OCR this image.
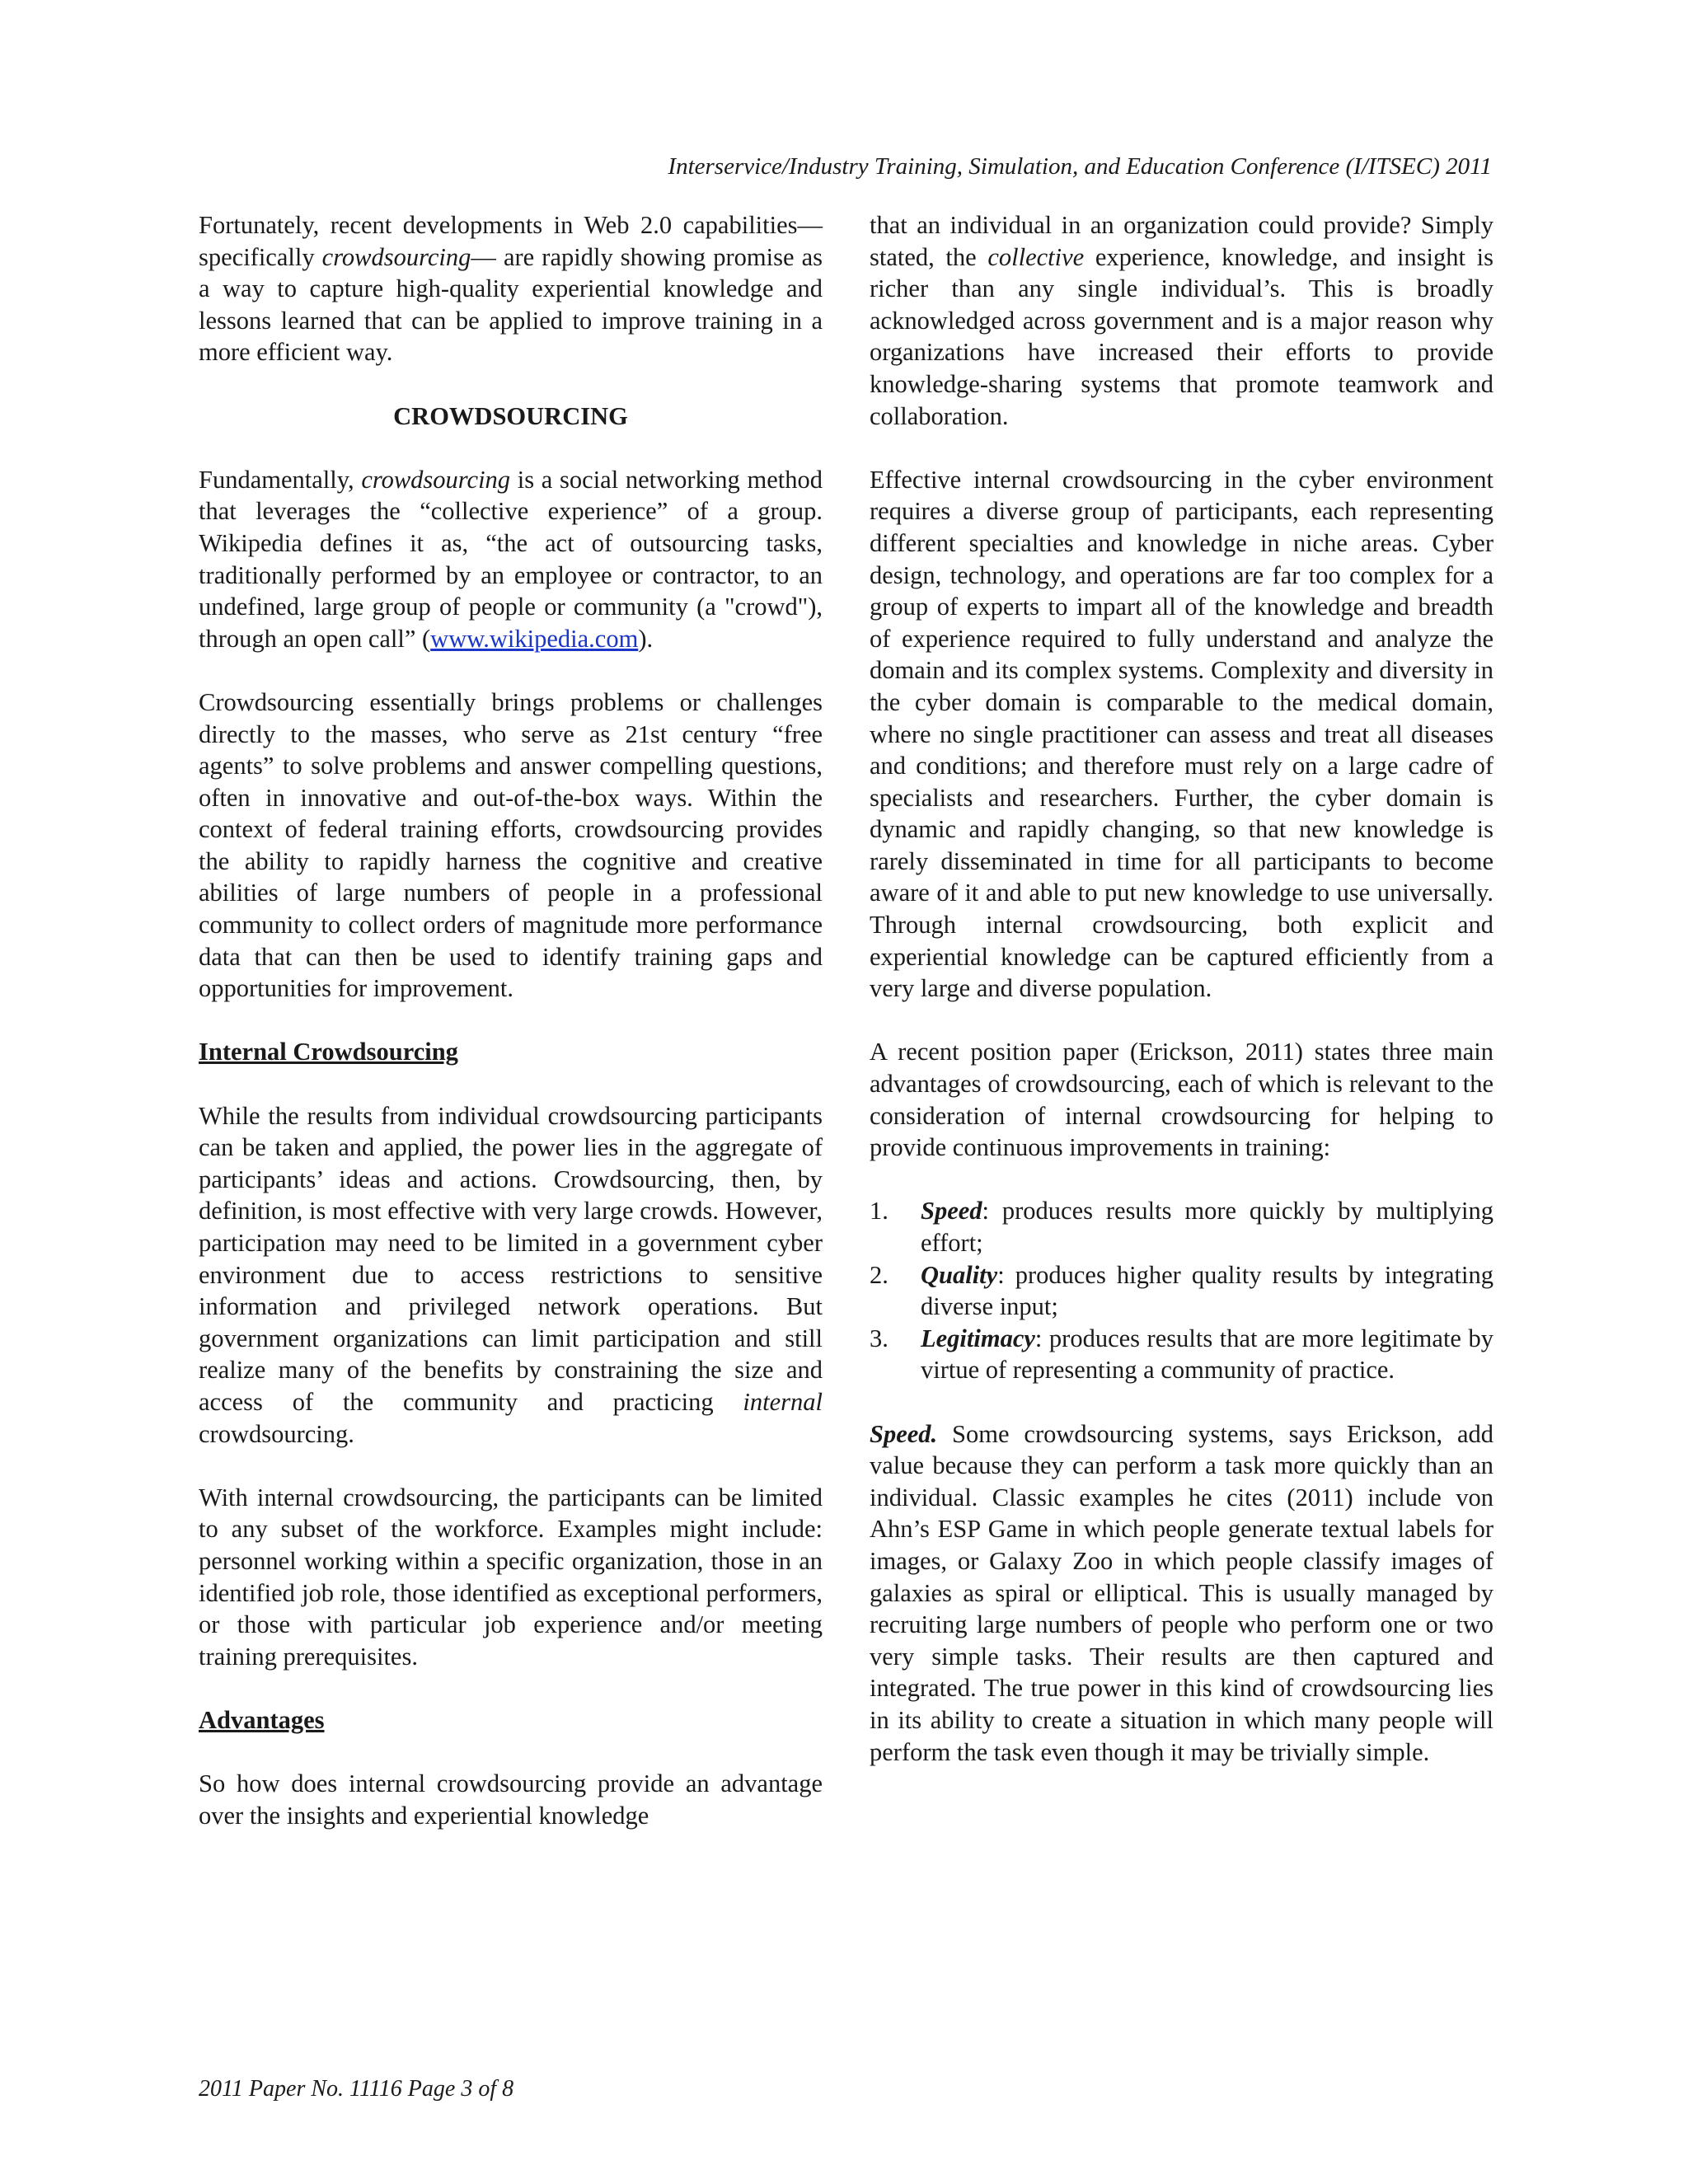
Interservice/Industry Training, Simulation, and Education Conference (I/ITSEC) 2011

Fortunately, recent developments in Web 2.0 capabilities—specifically crowdsourcing— are rapidly showing promise as a way to capture high-quality experiential knowledge and lessons learned that can be applied to improve training in a more efficient way.

CROWDSOURCING

Fundamentally, crowdsourcing is a social networking method that leverages the “collective experience” of a group. Wikipedia defines it as, “the act of outsourcing tasks, traditionally performed by an employee or contractor, to an undefined, large group of people or community (a "crowd"), through an open call” (www.wikipedia.com).

Crowdsourcing essentially brings problems or challenges directly to the masses, who serve as 21st century “free agents” to solve problems and answer compelling questions, often in innovative and out-of-the-box ways. Within the context of federal training efforts, crowdsourcing provides the ability to rapidly harness the cognitive and creative abilities of large numbers of people in a professional community to collect orders of magnitude more performance data that can then be used to identify training gaps and opportunities for improvement.

Internal Crowdsourcing

While the results from individual crowdsourcing participants can be taken and applied, the power lies in the aggregate of participants’ ideas and actions. Crowdsourcing, then, by definition, is most effective with very large crowds. However, participation may need to be limited in a government cyber environment due to access restrictions to sensitive information and privileged network operations. But government organizations can limit participation and still realize many of the benefits by constraining the size and access of the community and practicing internal crowdsourcing.

With internal crowdsourcing, the participants can be limited to any subset of the workforce. Examples might include: personnel working within a specific organization, those in an identified job role, those identified as exceptional performers, or those with particular job experience and/or meeting training prerequisites.

Advantages

So how does internal crowdsourcing provide an advantage over the insights and experiential knowledge

that an individual in an organization could provide? Simply stated, the collective experience, knowledge, and insight is richer than any single individual’s. This is broadly acknowledged across government and is a major reason why organizations have increased their efforts to provide knowledge-sharing systems that promote teamwork and collaboration.

Effective internal crowdsourcing in the cyber environment requires a diverse group of participants, each representing different specialties and knowledge in niche areas. Cyber design, technology, and operations are far too complex for a group of experts to impart all of the knowledge and breadth of experience required to fully understand and analyze the domain and its complex systems. Complexity and diversity in the cyber domain is comparable to the medical domain, where no single practitioner can assess and treat all diseases and conditions; and therefore must rely on a large cadre of specialists and researchers. Further, the cyber domain is dynamic and rapidly changing, so that new knowledge is rarely disseminated in time for all participants to become aware of it and able to put new knowledge to use universally. Through internal crowdsourcing, both explicit and experiential knowledge can be captured efficiently from a very large and diverse population.

A recent position paper (Erickson, 2011) states three main advantages of crowdsourcing, each of which is relevant to the consideration of internal crowdsourcing for helping to provide continuous improvements in training:

1. Speed: produces results more quickly by multiplying effort;
2. Quality: produces higher quality results by integrating diverse input;
3. Legitimacy: produces results that are more legitimate by virtue of representing a community of practice.

Speed. Some crowdsourcing systems, says Erickson, add value because they can perform a task more quickly than an individual. Classic examples he cites (2011) include von Ahn’s ESP Game in which people generate textual labels for images, or Galaxy Zoo in which people classify images of galaxies as spiral or elliptical. This is usually managed by recruiting large numbers of people who perform one or two very simple tasks. Their results are then captured and integrated. The true power in this kind of crowdsourcing lies in its ability to create a situation in which many people will perform the task even though it may be trivially simple.

2011 Paper No. 11116 Page 3 of 8
